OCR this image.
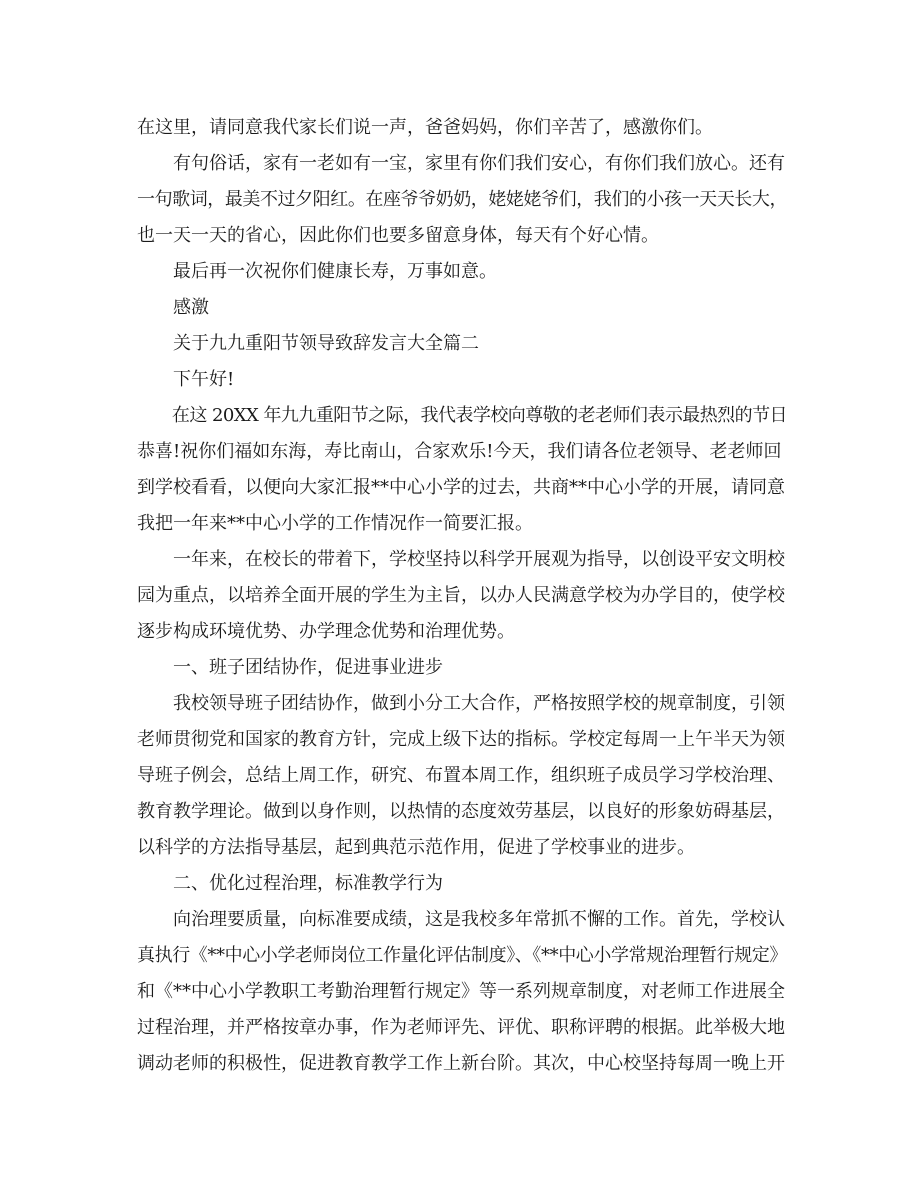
在这里，请同意我代家长们说一声，爸爸妈妈，你们辛苦了，感激你们。
　　有句俗话，家有一老如有一宝，家里有你们我们安心，有你们我们放心。还有
一句歌词，最美不过夕阳红。在座爷爷奶奶，姥姥姥爷们，我们的小孩一天天长大，
也一天一天的省心，因此你们也要多留意身体，每天有个好心情。
　　最后再一次祝你们健康长寿，万事如意。
　　感激
　　关于九九重阳节领导致辞发言大全篇二
　　下午好!
　　在这 20XX 年九九重阳节之际，我代表学校向尊敬的老老师们表示最热烈的节日
恭喜!祝你们福如东海，寿比南山，合家欢乐!今天，我们请各位老领导、老老师回
到学校看看，以便向大家汇报**中心小学的过去，共商**中心小学的开展，请同意
我把一年来**中心小学的工作情况作一简要汇报。
　　一年来，在校长的带着下，学校坚持以科学开展观为指导，以创设平安文明校
园为重点，以培养全面开展的学生为主旨，以办人民满意学校为办学目的，使学校
逐步构成环境优势、办学理念优势和治理优势。
　　一、班子团结协作，促进事业进步
　　我校领导班子团结协作，做到小分工大合作，严格按照学校的规章制度，引领
老师贯彻党和国家的教育方针，完成上级下达的指标。学校定每周一上午半天为领
导班子例会，总结上周工作，研究、布置本周工作，组织班子成员学习学校治理、
教育教学理论。做到以身作则，以热情的态度效劳基层，以良好的形象妨碍基层，
以科学的方法指导基层，起到典范示范作用，促进了学校事业的进步。
　　二、优化过程治理，标准教学行为
　　向治理要质量，向标准要成绩，这是我校多年常抓不懈的工作。首先，学校认
真执行《**中心小学老师岗位工作量化评估制度》、《**中心小学常规治理暂行规定》
和《**中心小学教职工考勤治理暂行规定》等一系列规章制度，对老师工作进展全
过程治理，并严格按章办事，作为老师评先、评优、职称评聘的根据。此举极大地
调动老师的积极性，促进教育教学工作上新台阶。其次，中心校坚持每周一晚上开
